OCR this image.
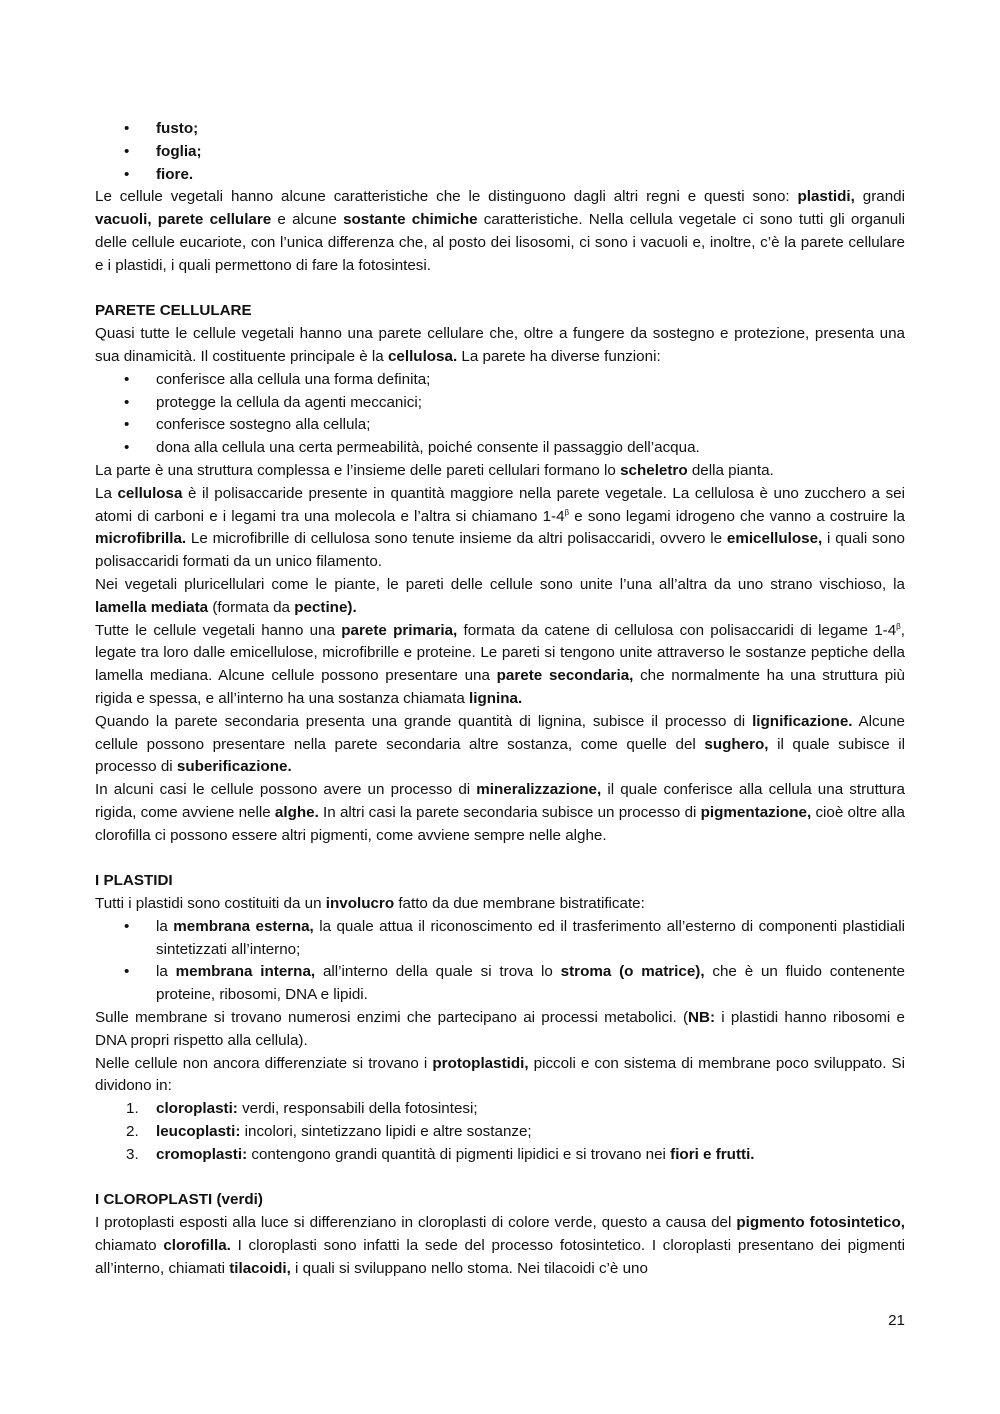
• fusto;
• foglia;
• fiore.

Le cellule vegetali hanno alcune caratteristiche che le distinguono dagli altri regni e questi sono: plastidi, grandi vacuoli, parete cellulare e alcune sostante chimiche caratteristiche. Nella cellula vegetale ci sono tutti gli organuli delle cellule eucariote, con l’unica differenza che, al posto dei lisosomi, ci sono i vacuoli e, inoltre, c’è la parete cellulare e i plastidi, i quali permettono di fare la fotosintesi.

PARETE CELLULARE

Quasi tutte le cellule vegetali hanno una parete cellulare che, oltre a fungere da sostegno e protezione, presenta una sua dinamicità. Il costituente principale è la cellulosa. La parete ha diverse funzioni:

• conferisce alla cellula una forma definita;
• protegge la cellula da agenti meccanici;
• conferisce sostegno alla cellula;
• dona alla cellula una certa permeabilità, poiché consente il passaggio dell’acqua.

La parte è una struttura complessa e l’insieme delle pareti cellulari formano lo scheletro della pianta.

La cellulosa è il polisaccaride presente in quantità maggiore nella parete vegetale. La cellulosa è uno zucchero a sei atomi di carboni e i legami tra una molecola e l’altra si chiamano $1-4^\beta$ e sono legami idrogeno che vanno a costruire la microfibrilla. Le microfibrille di cellulosa sono tenute insieme da altri polisaccaridi, ovvero le emicellulose, i quali sono polisaccaridi formati da un unico filamento.

Nei vegetali pluricellulari come le piante, le pareti delle cellule sono unite l’una all’altra da uno strano vischioso, la lamella mediata (formata da pectine).

Tutte le cellule vegetali hanno una parete primaria, formata da catene di cellulosa con polisaccaridi di legame $1-4^\beta$, legate tra loro dalle emicellulose, microfibrille e proteine. Le pareti si tengono unite attraverso le sostanze peptiche della lamella mediana. Alcune cellule possono presentare una parete secondaria, che normalmente ha una struttura più rigida e spessa, e all’interno ha una sostanza chiamata lignina.

Quando la parete secondaria presenta una grande quantità di lignina, subisce il processo di lignificazione. Alcune cellule possono presentare nella parete secondaria altre sostanza, come quelle del sughero, il quale subisce il processo di suberificazione.

In alcuni casi le cellule possono avere un processo di mineralizzazione, il quale conferisce alla cellula una struttura rigida, come avviene nelle alghe. In altri casi la parete secondaria subisce un processo di pigmentazione, cioè oltre alla clorofilla ci possono essere altri pigmenti, come avviene sempre nelle alghe.

I PLASTIDI

Tutti i plastidi sono costituiti da un involucro fatto da due membrane bistratificate:

• la membrana esterna, la quale attua il riconoscimento ed il trasferimento all’esterno di componenti plastidiali sintetizzati all’interno;
• la membrana interna, all’interno della quale si trova lo stroma (o matrice), che è un fluido contenente proteine, ribosomi, DNA e lipidi.

Sulle membrane si trovano numerosi enzimi che partecipano ai processi metabolici. (NB: i plastidi hanno ribosomi e DNA propri rispetto alla cellula).

Nelle cellule non ancora differenziate si trovano i protoplastidi, piccoli e con sistema di membrane poco sviluppato. Si dividono in:

1. cloroplasti: verdi, responsabili della fotosintesi;
2. leucoplasti: incolori, sintetizzano lipidi e altre sostanze;
3. cromoplasti: contengono grandi quantità di pigmenti lipidici e si trovano nei fiori e frutti.

I CLOROPLASTI (verdi)

I protoplasti esposti alla luce si differenziano in cloroplasti di colore verde, questo a causa del pigmento fotosintetico, chiamato clorofilla. I cloroplasti sono infatti la sede del processo fotosintetico. I cloroplasti presentano dei pigmenti all’interno, chiamati tilacoidi, i quali si sviluppano nello stoma. Nei tilacoidi c’è uno

21
